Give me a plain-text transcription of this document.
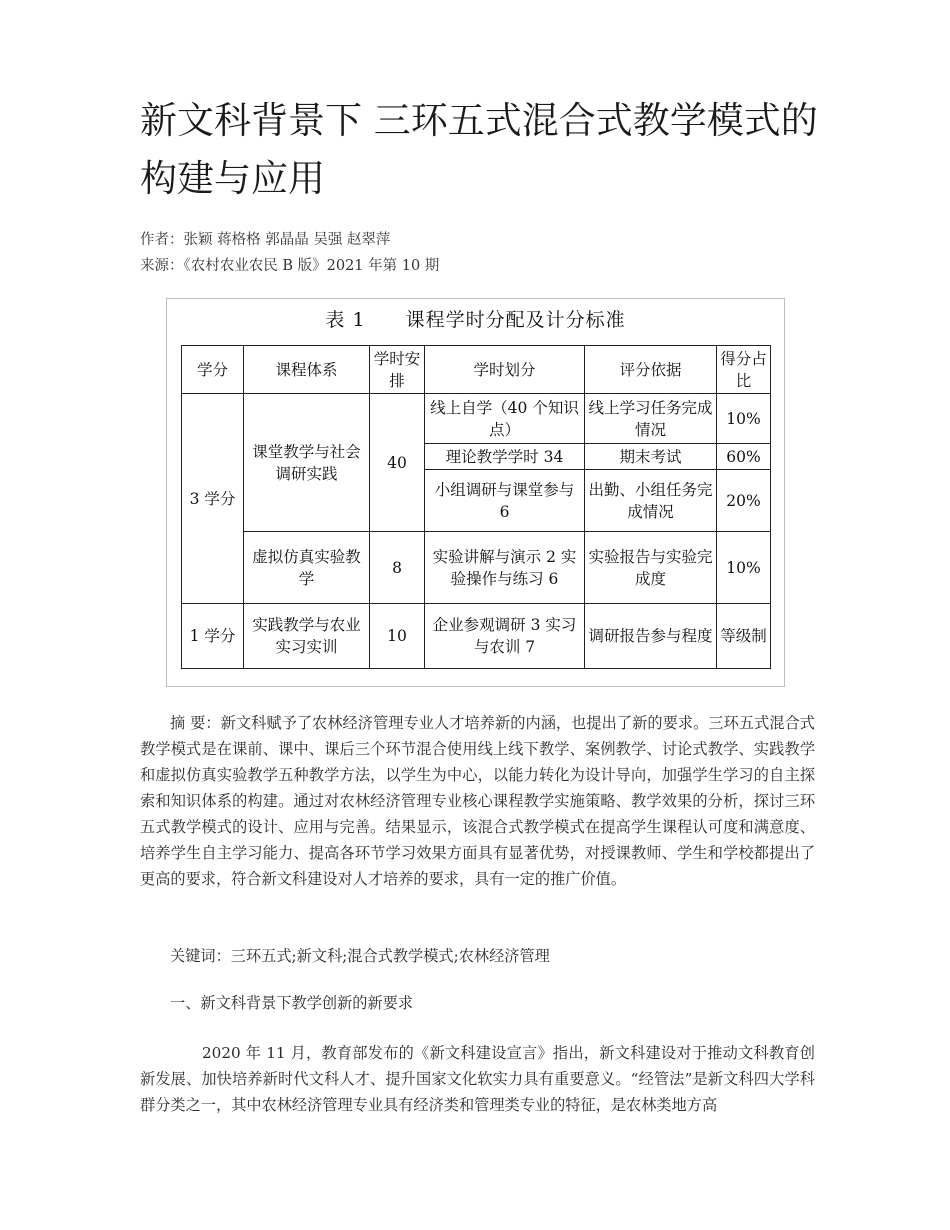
新文科背景下 三环五式混合式教学模式的构建与应用
作者：张颖 蒋格格 郭晶晶 吴强 赵翠萍
来源：《农村农业农民 B 版》2021 年第 10 期
表 1 课程学时分配及计分标准
学分	课程体系	学时安排	学时划分	评分依据	得分占比
3 学分	课堂教学与社会调研实践	40	线上自学（40 个知识点）	线上学习任务完成情况	10%
			理论教学学时 34	期末考试	60%
			小组调研与课堂参与 6	出勤、小组任务完成情况	20%
	虚拟仿真实验教学	8	实验讲解与演示 2 实验操作与练习 6	实验报告与实验完成度	10%
1 学分	实践教学与农业实习实训	10	企业参观调研 3 实习与农训 7	调研报告参与程度	等级制

摘 要：新文科赋予了农林经济管理专业人才培养新的内涵，也提出了新的要求。三环五式混合式教学模式是在课前、课中、课后三个环节混合使用线上线下教学、案例教学、讨论式教学、实践教学和虚拟仿真实验教学五种教学方法，以学生为中心，以能力转化为设计导向，加强学生学习的自主探索和知识体系的构建。通过对农林经济管理专业核心课程教学实施策略、教学效果的分析，探讨三环五式教学模式的设计、应用与完善。结果显示，该混合式教学模式在提高学生课程认可度和满意度、培养学生自主学习能力、提高各环节学习效果方面具有显著优势，对授课教师、学生和学校都提出了更高的要求，符合新文科建设对人才培养的要求，具有一定的推广价值。

关键词：三环五式;新文科;混合式教学模式;农林经济管理
一、新文科背景下教学创新的新要求

2020 年 11 月，教育部发布的《新文科建设宣言》指出，新文科建设对于推动文科教育创新发展、加快培养新时代文科人才、提升国家文化软实力具有重要意义。“经管法”是新文科四大学科群分类之一，其中农林经济管理专业具有经济类和管理类专业的特征，是农林类地方高
